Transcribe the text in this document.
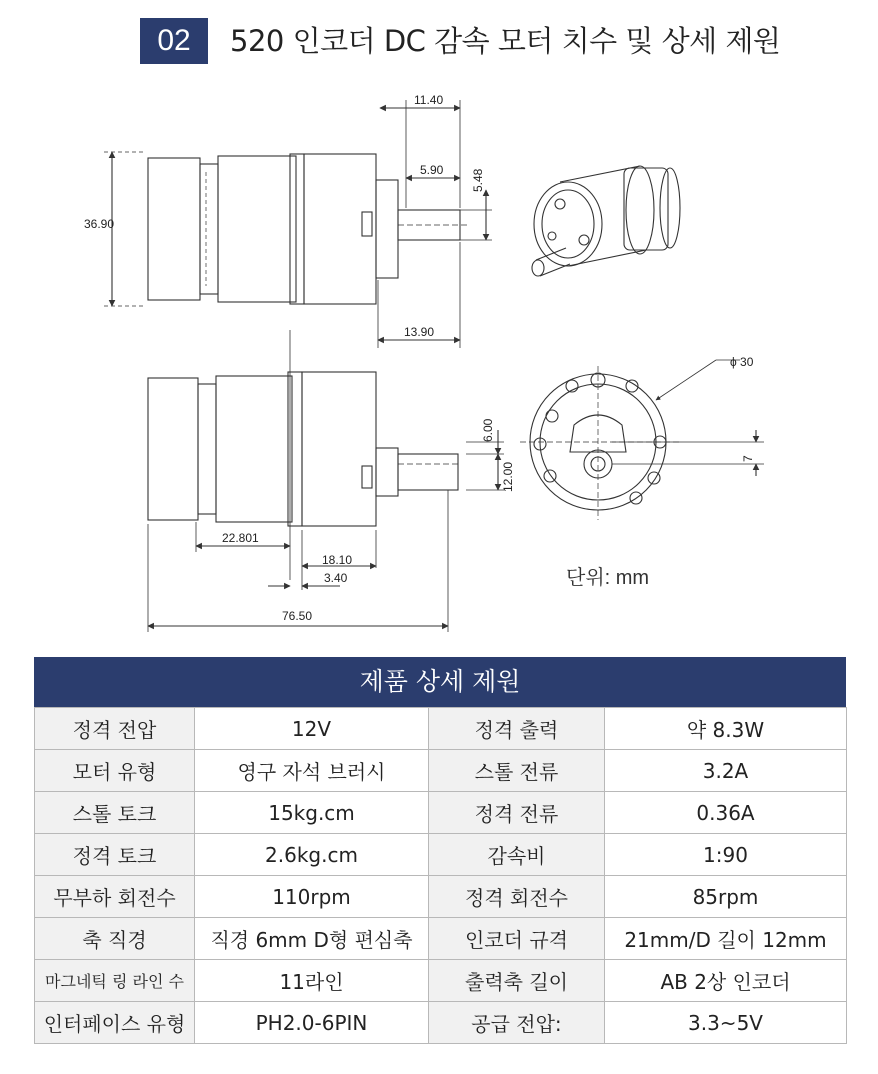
02	520 인코더 DC 감속 모터 치수 및 상세 제원
11.40
5.90 5.48
36.90
13.90
6.00
12.00
22.801
18.10
3.40
76.50
ϕ 30
7
단위: mm
제품 상세 제원
정격 전압	12V	정격 출력	약 8.3W
모터 유형	영구 자석 브러시	스톨 전류	3.2A
스톨 토크	15kg.cm	정격 전류	0.36A
정격 토크	2.6kg.cm	감속비	1:90
무부하 회전수	110rpm	정격 회전수	85rpm
축 직경	직경 6mm D형 편심축	인코더 규격	21mm/D 길이 12mm
마그네틱 링 라인 수	11라인	출력축 길이	AB 2상 인코더
인터페이스 유형	PH2.0-6PIN	공급 전압:	3.3~5V
